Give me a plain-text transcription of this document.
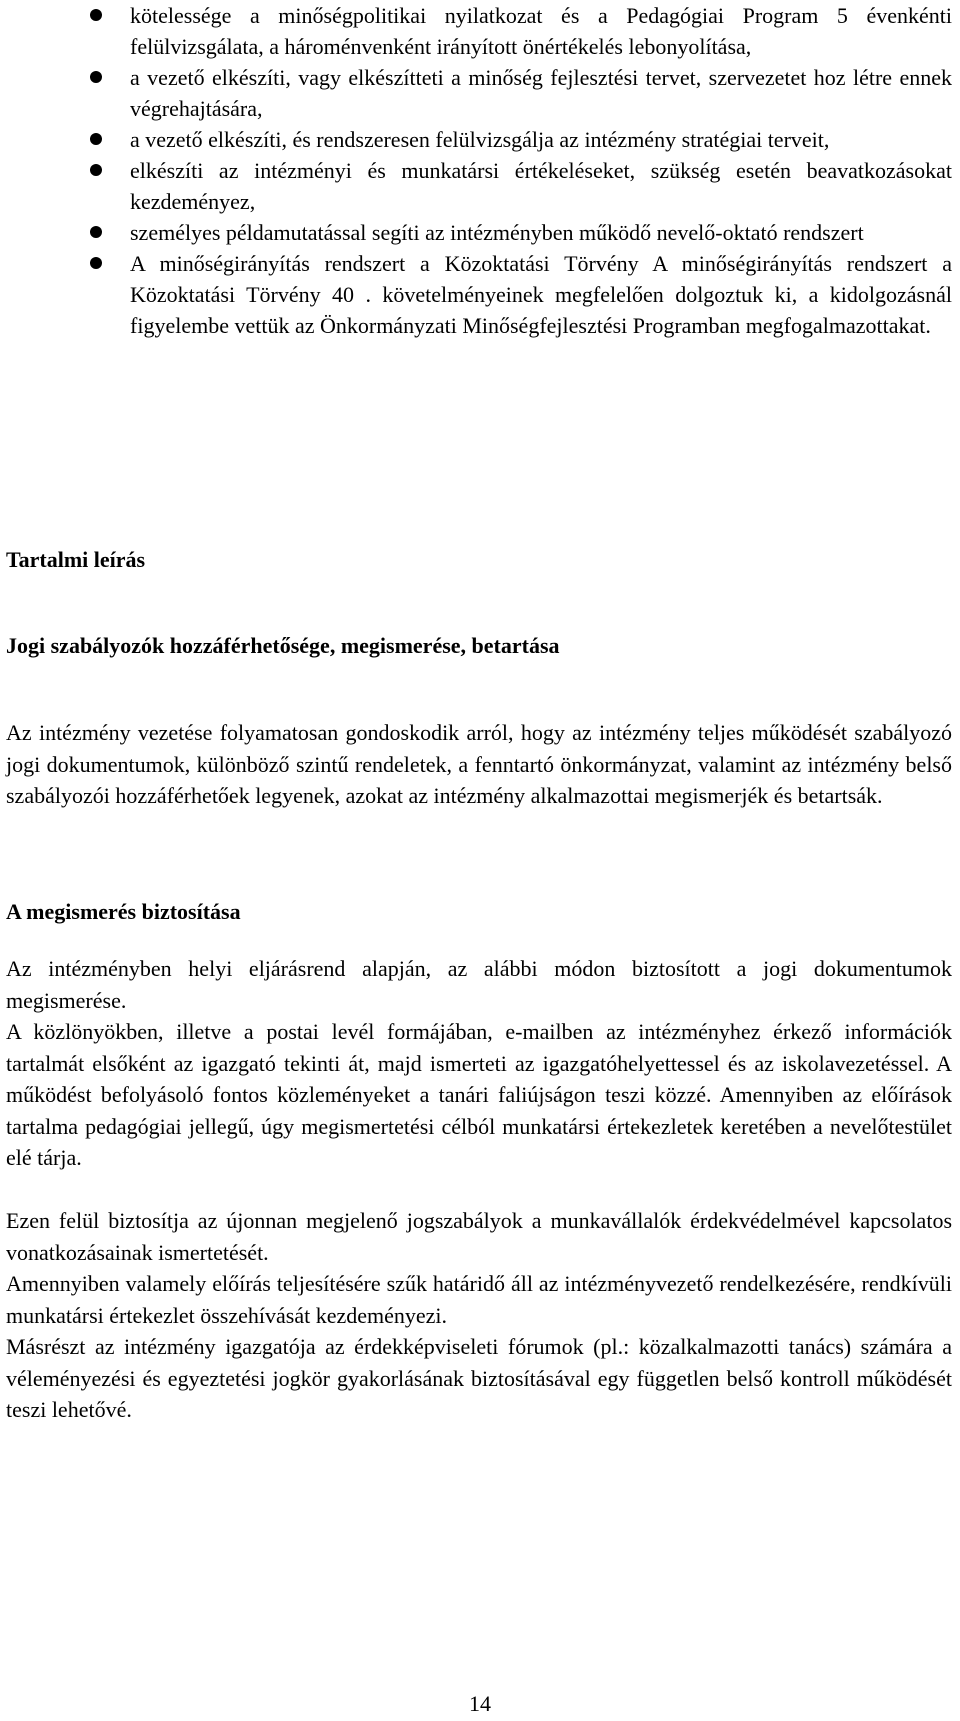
kötelessége a minőségpolitikai nyilatkozat és a Pedagógiai Program 5 évenkénti felülvizsgálata, a hároménvenként irányított önértékelés lebonyolítása,
a vezető elkészíti, vagy elkészítteti a minőség fejlesztési tervet, szervezetet hoz létre ennek végrehajtására,
a vezető elkészíti, és rendszeresen felülvizsgálja az intézmény stratégiai terveit,
elkészíti az intézményi és munkatársi értékeléseket, szükség esetén beavatkozásokat kezdeményez,
személyes példamutatással segíti az intézményben működő nevelő-oktató rendszert
A minőségirányítás rendszert a Közoktatási Törvény A minőségirányítás rendszert a Közoktatási Törvény 40 . követelményeinek megfelelően dolgoztuk ki, a kidolgozásnál figyelembe vettük az Önkormányzati Minőségfejlesztési Programban megfogalmazottakat.
Tartalmi leírás
Jogi szabályozók hozzáférhetősége, megismerése, betartása

Az intézmény vezetése folyamatosan gondoskodik arról, hogy az intézmény teljes működését szabályozó jogi dokumentumok, különböző szintű rendeletek, a fenntartó önkormányzat, valamint az intézmény belső szabályozói hozzáférhetőek legyenek, azokat az intézmény alkalmazottai megismerjék és betartsák.

A megismerés biztosítása

Az intézményben helyi eljárásrend alapján, az alábbi módon biztosított a jogi dokumentumok megismerése.

A közlönyökben, illetve a postai levél formájában, e-mailben az intézményhez érkező információk tartalmát elsőként az igazgató tekinti át, majd ismerteti az igazgatóhelyettessel és az iskolavezetéssel. A működést befolyásoló fontos közleményeket a tanári faliújságon teszi közzé. Amennyiben az előírások tartalma pedagógiai jellegű, úgy megismertetési célból munkatársi értekezletek keretében a nevelőtestület elé tárja.

Ezen felül biztosítja az újonnan megjelenő jogszabályok a munkavállalók érdekvédelmével kapcsolatos vonatkozásainak ismertetését.

Amennyiben valamely előírás teljesítésére szűk határidő áll az intézményvezető rendelkezésére, rendkívüli munkatársi értekezlet összehívását kezdeményezi.

Másrészt az intézmény igazgatója az érdekképviseleti fórumok (pl.: közalkalmazotti tanács) számára a véleményezési és egyeztetési jogkör gyakorlásának biztosításával egy független belső kontroll működését teszi lehetővé.

14
